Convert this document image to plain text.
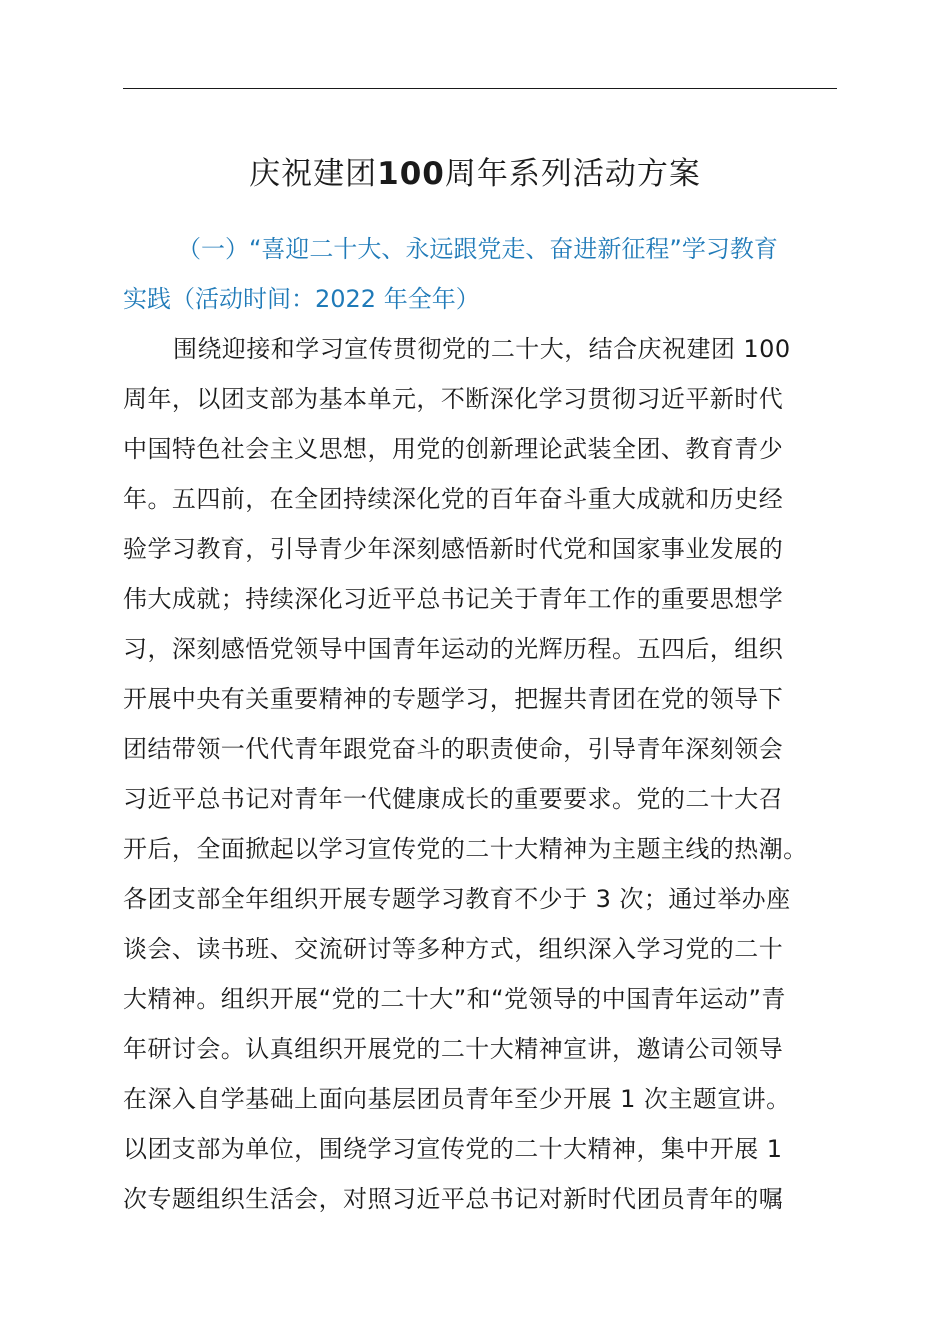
庆祝建团100周年系列活动方案
（一）“喜迎二十大、永远跟党走、奋进新征程”学习教育
实践（活动时间：2022 年全年）
围绕迎接和学习宣传贯彻党的二十大，结合庆祝建团 100
周年，以团支部为基本单元，不断深化学习贯彻习近平新时代
中国特色社会主义思想，用党的创新理论武装全团、教育青少
年。五四前，在全团持续深化党的百年奋斗重大成就和历史经
验学习教育，引导青少年深刻感悟新时代党和国家事业发展的
伟大成就；持续深化习近平总书记关于青年工作的重要思想学
习，深刻感悟党领导中国青年运动的光辉历程。五四后，组织
开展中央有关重要精神的专题学习，把握共青团在党的领导下
团结带领一代代青年跟党奋斗的职责使命，引导青年深刻领会
习近平总书记对青年一代健康成长的重要要求。党的二十大召
开后，全面掀起以学习宣传党的二十大精神为主题主线的热潮。
各团支部全年组织开展专题学习教育不少于 3 次；通过举办座
谈会、读书班、交流研讨等多种方式，组织深入学习党的二十
大精神。组织开展“党的二十大”和“党领导的中国青年运动”青
年研讨会。认真组织开展党的二十大精神宣讲，邀请公司领导
在深入自学基础上面向基层团员青年至少开展 1 次主题宣讲。
以团支部为单位，围绕学习宣传党的二十大精神，集中开展 1
次专题组织生活会，对照习近平总书记对新时代团员青年的嘱
